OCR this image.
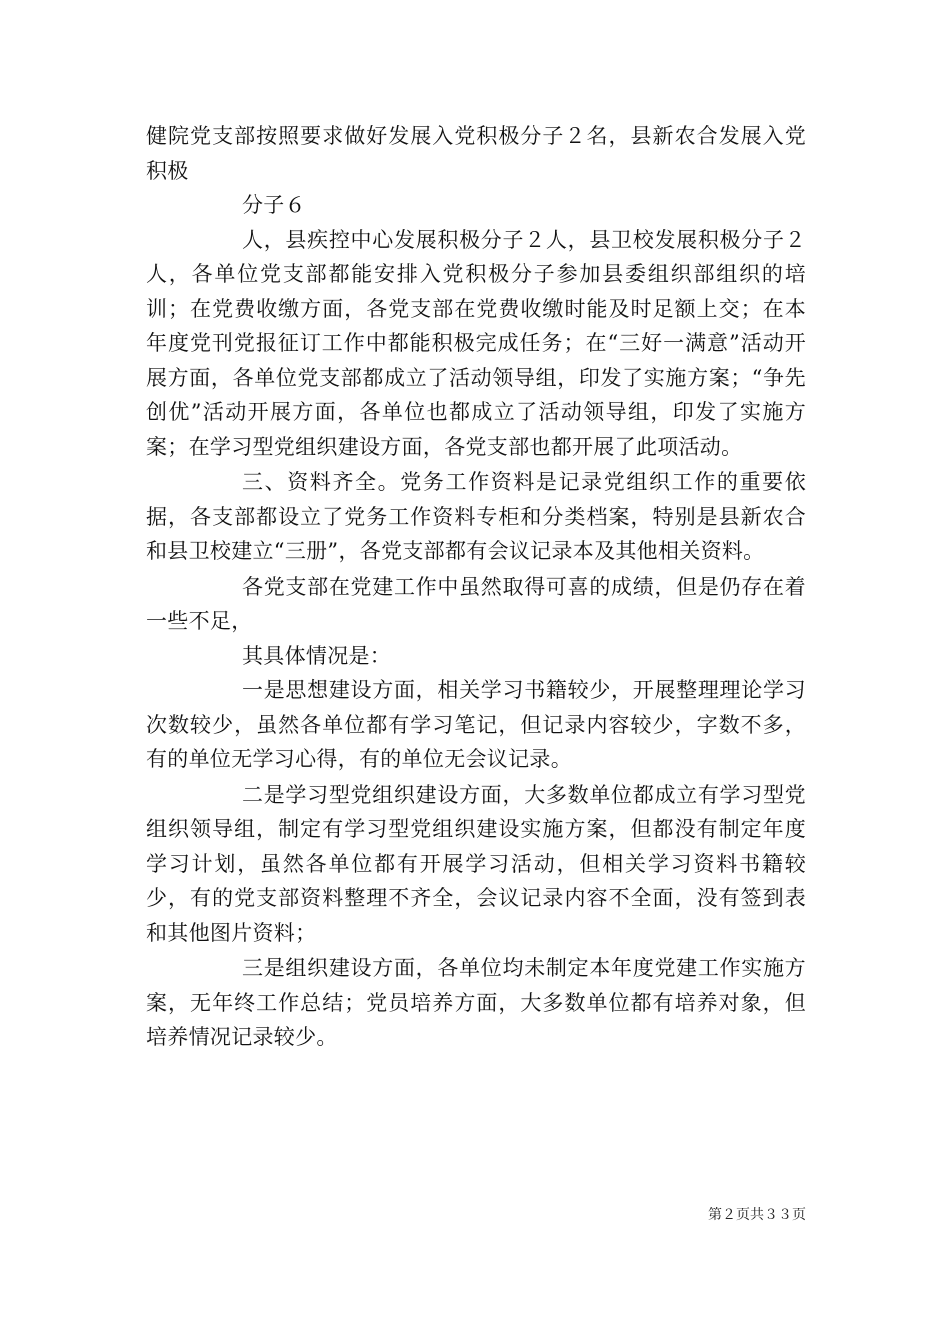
健院党支部按照要求做好发展入党积极分子２名，县新农合发展入党积极

分子６

人，县疾控中心发展积极分子２人，县卫校发展积极分子２人，各单位党支部都能安排入党积极分子参加县委组织部组织的培训；在党费收缴方面，各党支部在党费收缴时能及时足额上交；在本年度党刊党报征订工作中都能积极完成任务；在“三好一满意”活动开展方面，各单位党支部都成立了活动领导组，印发了实施方案；“争先创优”活动开展方面，各单位也都成立了活动领导组，印发了实施方案；在学习型党组织建设方面，各党支部也都开展了此项活动。

三、资料齐全。党务工作资料是记录党组织工作的重要依据，各支部都设立了党务工作资料专柜和分类档案，特别是县新农合和县卫校建立“三册”，各党支部都有会议记录本及其他相关资料。

各党支部在党建工作中虽然取得可喜的成绩，但是仍存在着一些不足，

其具体情况是：

一是思想建设方面，相关学习书籍较少，开展整理理论学习次数较少，虽然各单位都有学习笔记，但记录内容较少，字数不多，有的单位无学习心得，有的单位无会议记录。

二是学习型党组织建设方面，大多数单位都成立有学习型党组织领导组，制定有学习型党组织建设实施方案，但都没有制定年度学习计划，虽然各单位都有开展学习活动，但相关学习资料书籍较少，有的党支部资料整理不齐全，会议记录内容不全面，没有签到表和其他图片资料；

三是组织建设方面，各单位均未制定本年度党建工作实施方案，无年终工作总结；党员培养方面，大多数单位都有培养对象，但培养情况记录较少。

第２页共３３页
